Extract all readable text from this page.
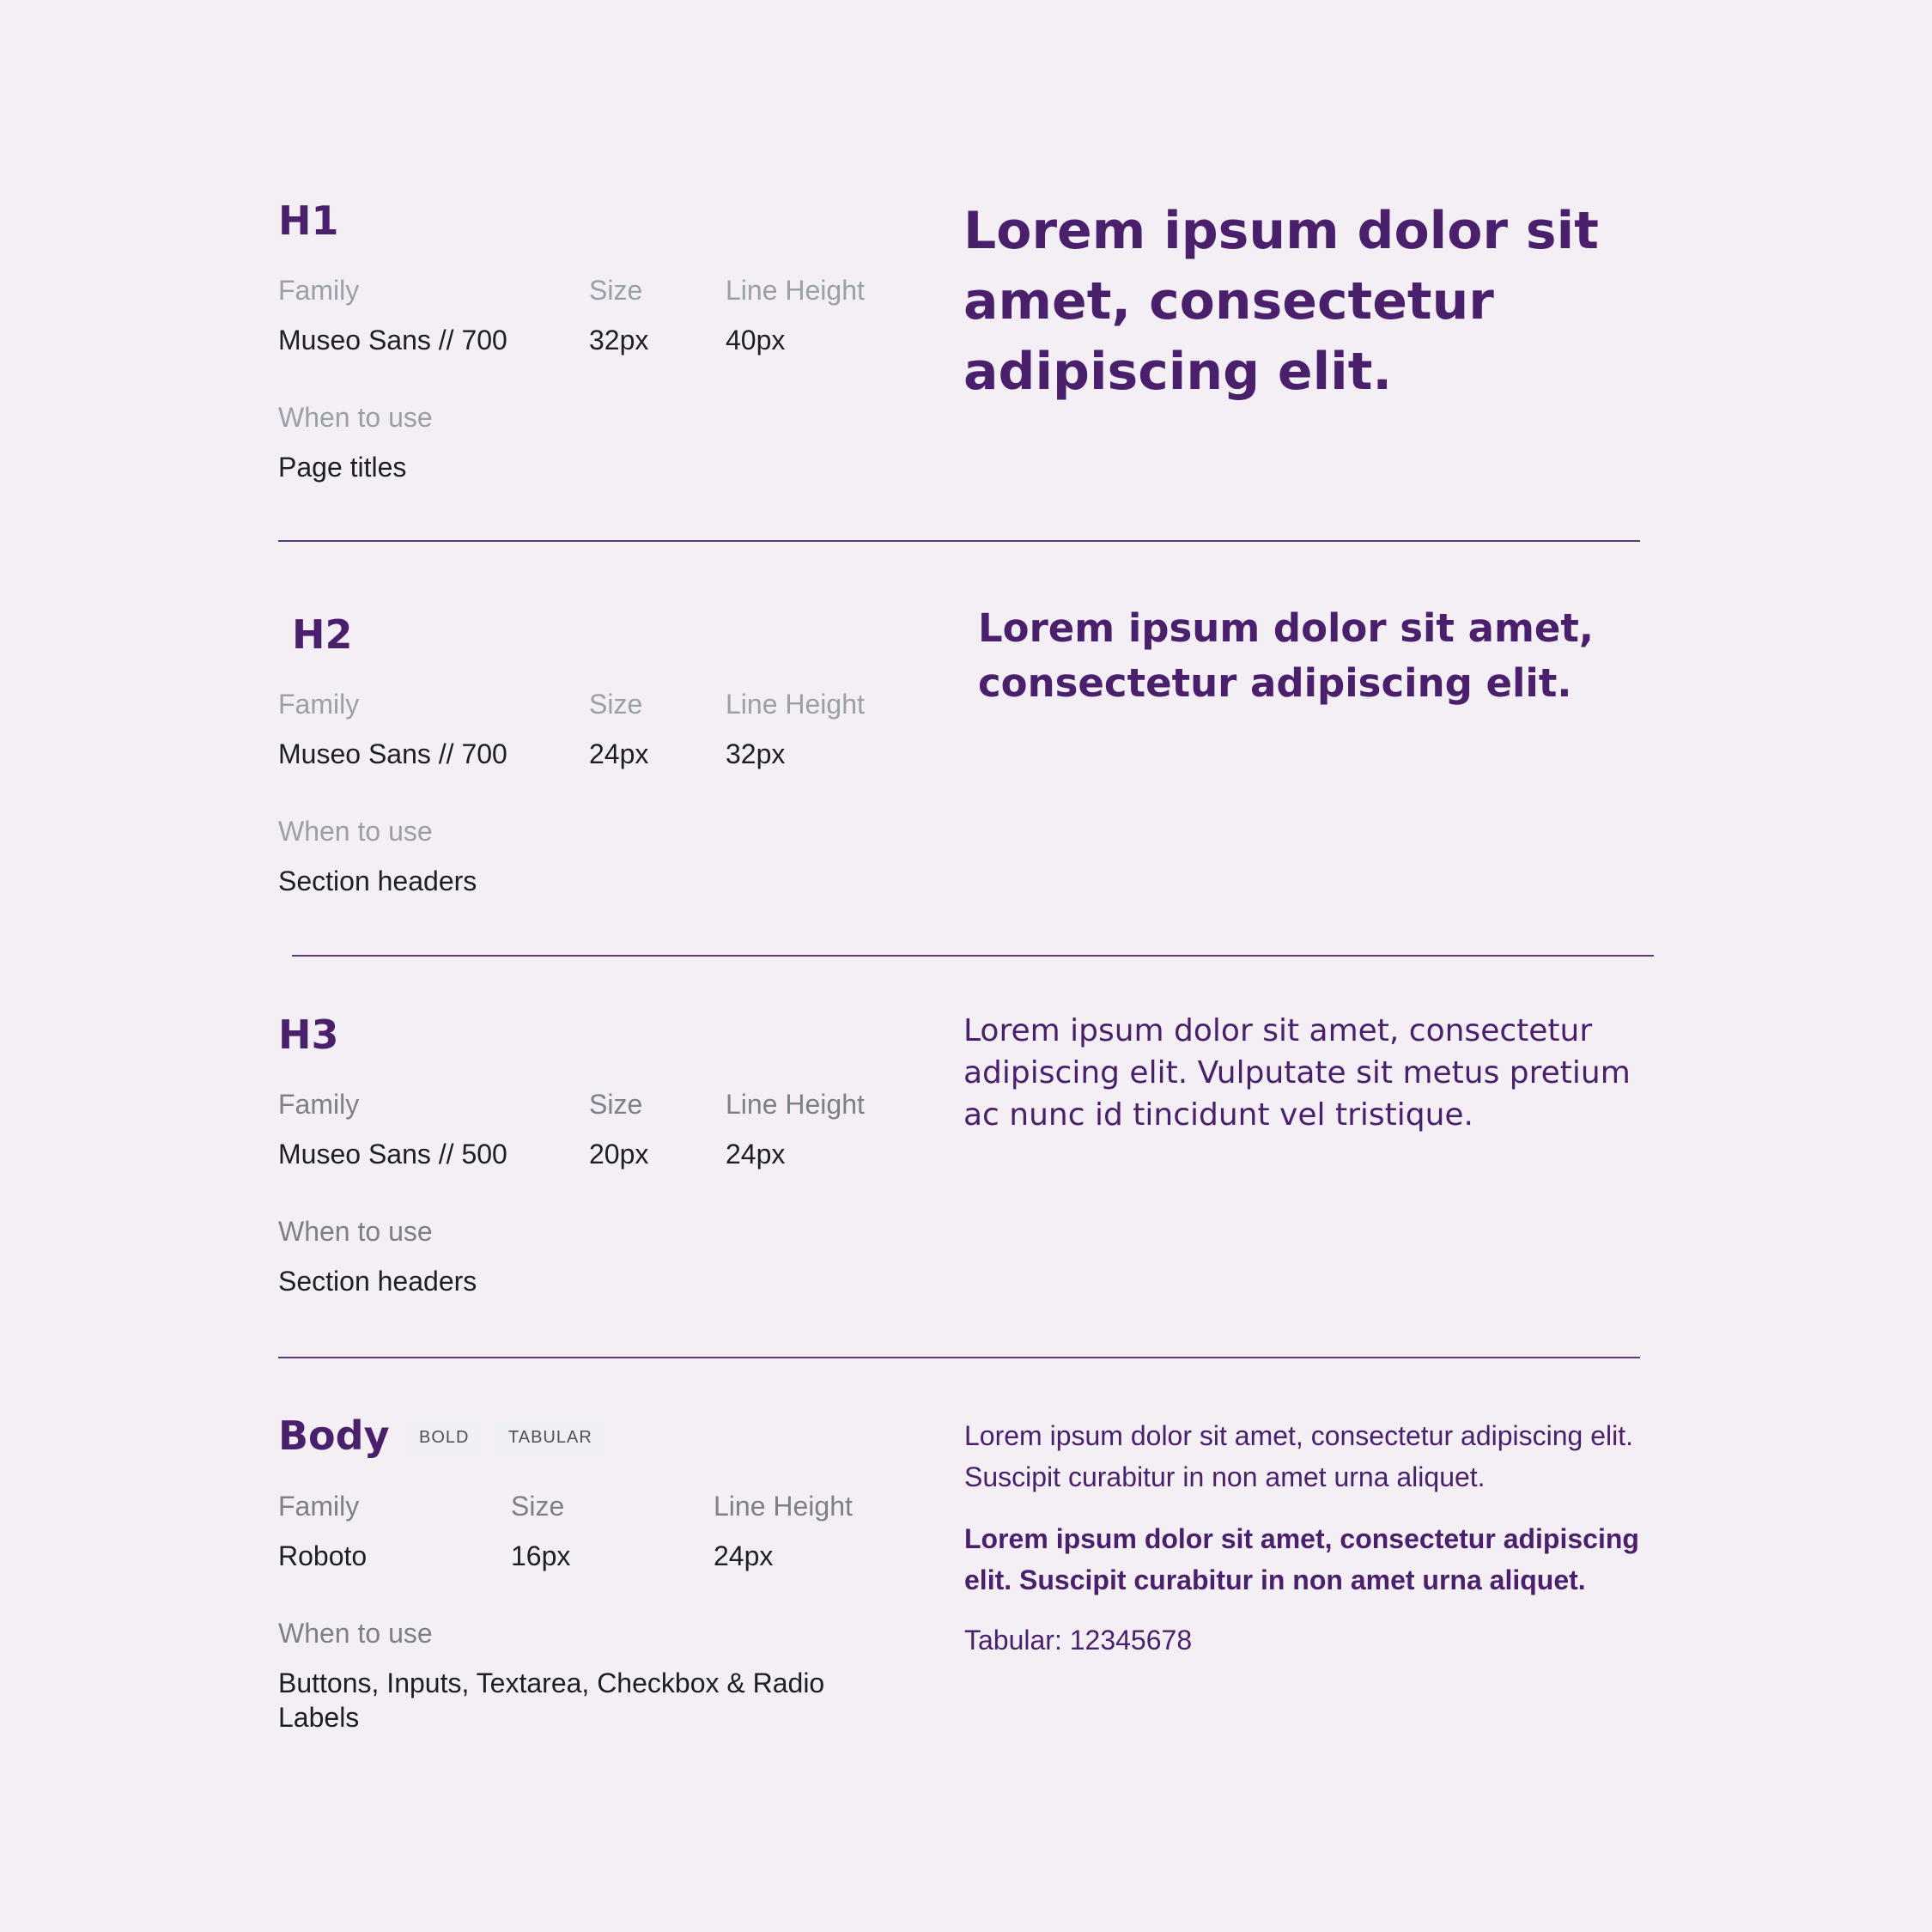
H1
Family	Size	Line Height
Museo Sans // 700	32px	40px
When to use
Page titles

Lorem ipsum dolor sit amet, consectetur adipiscing elit.

H2
Family	Size	Line Height
Museo Sans // 700	24px	32px
When to use
Section headers

Lorem ipsum dolor sit amet, consectetur adipiscing elit.

H3
Family	Size	Line Height
Museo Sans // 500	20px	24px
When to use
Section headers

Lorem ipsum dolor sit amet, consectetur adipiscing elit. Vulputate sit metus pretium ac nunc id tincidunt vel tristique.

Body	BOLD	TABULAR
Family	Size	Line Height
Roboto	16px	24px
When to use
Buttons, Inputs, Textarea, Checkbox & Radio Labels

Lorem ipsum dolor sit amet, consectetur adipiscing elit. Suscipit curabitur in non amet urna aliquet.

Lorem ipsum dolor sit amet, consectetur adipiscing elit. Suscipit curabitur in non amet urna aliquet.

Tabular: 12345678
